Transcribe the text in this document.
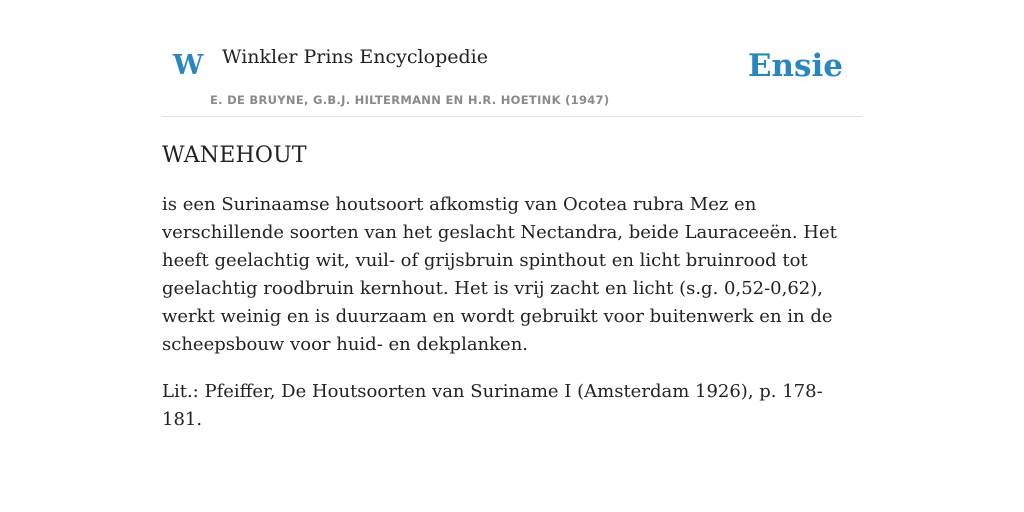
W Winkler Prins Encyclopedie
E. DE BRUYNE, G.B.J. HILTERMANN EN H.R. HOETINK (1947)
Ensie
WANEHOUT

is een Surinaamse houtsoort afkomstig van Ocotea rubra Mez en verschillende soorten van het geslacht Nectandra, beide Lauraceeën. Het heeft geelachtig wit, vuil- of grijsbruin spinthout en licht bruinrood tot geelachtig roodbruin kernhout. Het is vrij zacht en licht (s.g. 0,52-0,62), werkt weinig en is duurzaam en wordt gebruikt voor buitenwerk en in de scheepsbouw voor huid- en dekplanken.

Lit.: Pfeiffer, De Houtsoorten van Suriname I (Amsterdam 1926), p. 178-181.
